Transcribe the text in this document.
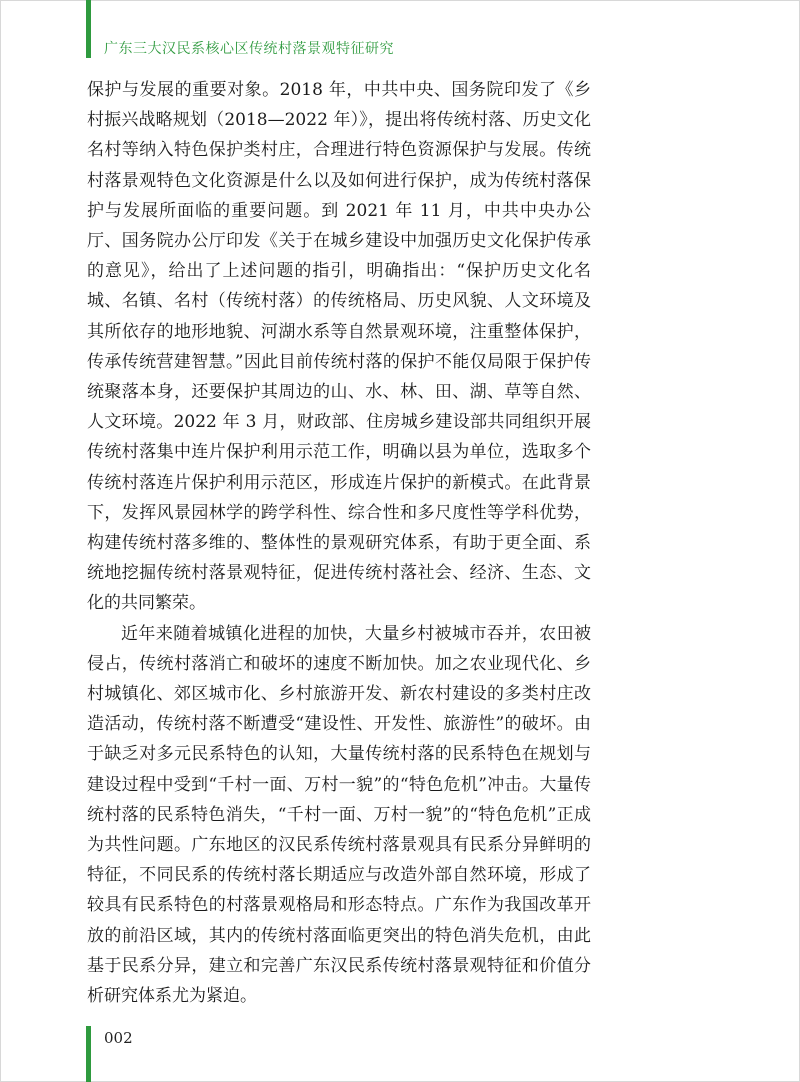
广东三大汉民系核心区传统村落景观特征研究

保护与发展的重要对象。2018 年，中共中央、国务院印发了《乡村振兴战略规划（2018—2022 年）》，提出将传统村落、历史文化名村等纳入特色保护类村庄，合理进行特色资源保护与发展。传统村落景观特色文化资源是什么以及如何进行保护，成为传统村落保护与发展所面临的重要问题。到 2021 年 11 月，中共中央办公厅、国务院办公厅印发《关于在城乡建设中加强历史文化保护传承的意见》，给出了上述问题的指引，明确指出：“保护历史文化名城、名镇、名村（传统村落）的传统格局、历史风貌、人文环境及其所依存的地形地貌、河湖水系等自然景观环境，注重整体保护，传承传统营建智慧。”因此目前传统村落的保护不能仅局限于保护传统聚落本身，还要保护其周边的山、水、林、田、湖、草等自然、人文环境。2022 年 3 月，财政部、住房城乡建设部共同组织开展传统村落集中连片保护利用示范工作，明确以县为单位，选取多个传统村落连片保护利用示范区，形成连片保护的新模式。在此背景下，发挥风景园林学的跨学科性、综合性和多尺度性等学科优势，构建传统村落多维的、整体性的景观研究体系，有助于更全面、系统地挖掘传统村落景观特征，促进传统村落社会、经济、生态、文化的共同繁荣。

近年来随着城镇化进程的加快，大量乡村被城市吞并，农田被侵占，传统村落消亡和破坏的速度不断加快。加之农业现代化、乡村城镇化、郊区城市化、乡村旅游开发、新农村建设的多类村庄改造活动，传统村落不断遭受“建设性、开发性、旅游性”的破坏。由于缺乏对多元民系特色的认知，大量传统村落的民系特色在规划与建设过程中受到“千村一面、万村一貌”的“特色危机”冲击。大量传统村落的民系特色消失，“千村一面、万村一貌”的“特色危机”正成为共性问题。广东地区的汉民系传统村落景观具有民系分异鲜明的特征，不同民系的传统村落长期适应与改造外部自然环境，形成了较具有民系特色的村落景观格局和形态特点。广东作为我国改革开放的前沿区域，其内的传统村落面临更突出的特色消失危机，由此基于民系分异，建立和完善广东汉民系传统村落景观特征和价值分析研究体系尤为紧迫。

002
